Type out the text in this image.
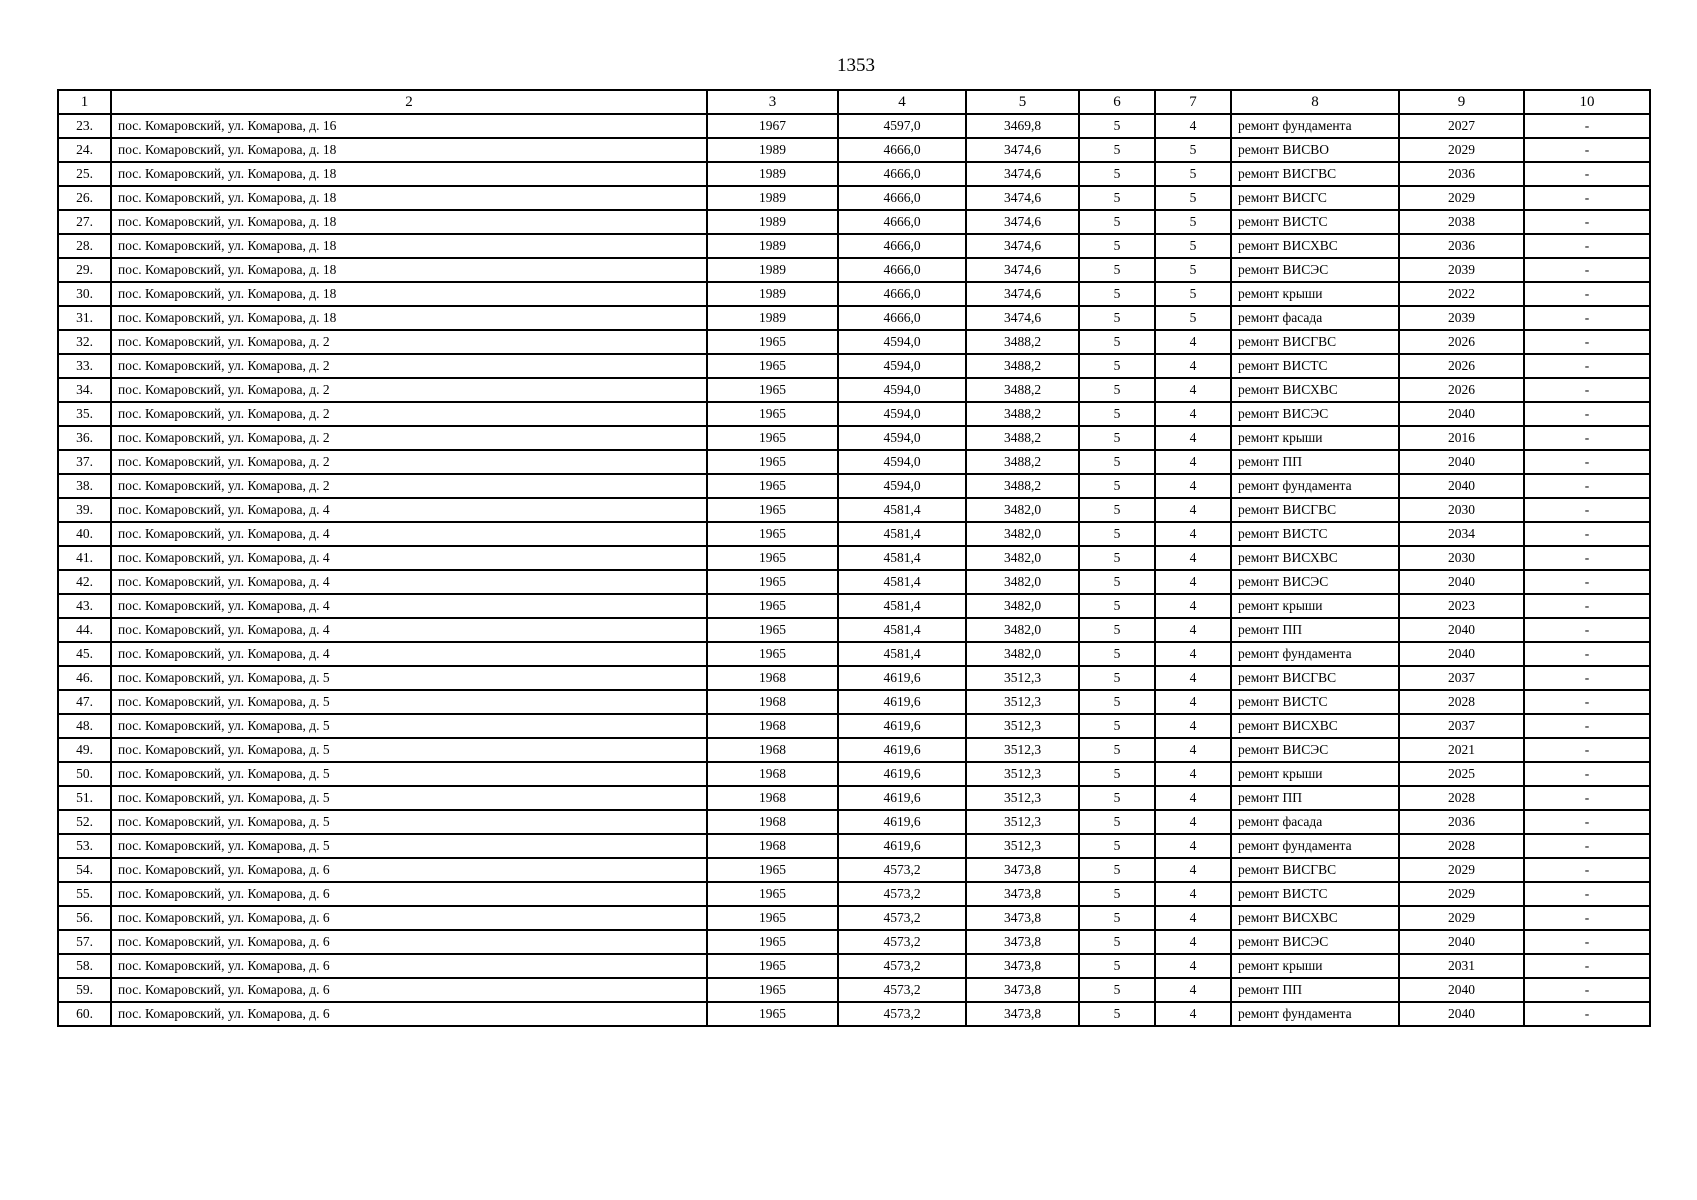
1353
1	2	3	4	5	6	7	8	9	10
23.	пос. Комаровский, ул. Комарова, д. 16	1967	4597,0	3469,8	5	4	ремонт фундамента	2027	-
24.	пос. Комаровский, ул. Комарова, д. 18	1989	4666,0	3474,6	5	5	ремонт ВИСВО	2029	-
25.	пос. Комаровский, ул. Комарова, д. 18	1989	4666,0	3474,6	5	5	ремонт ВИСГВС	2036	-
26.	пос. Комаровский, ул. Комарова, д. 18	1989	4666,0	3474,6	5	5	ремонт ВИСГС	2029	-
27.	пос. Комаровский, ул. Комарова, д. 18	1989	4666,0	3474,6	5	5	ремонт ВИСТС	2038	-
28.	пос. Комаровский, ул. Комарова, д. 18	1989	4666,0	3474,6	5	5	ремонт ВИСХВС	2036	-
29.	пос. Комаровский, ул. Комарова, д. 18	1989	4666,0	3474,6	5	5	ремонт ВИСЭС	2039	-
30.	пос. Комаровский, ул. Комарова, д. 18	1989	4666,0	3474,6	5	5	ремонт крыши	2022	-
31.	пос. Комаровский, ул. Комарова, д. 18	1989	4666,0	3474,6	5	5	ремонт фасада	2039	-
32.	пос. Комаровский, ул. Комарова, д. 2	1965	4594,0	3488,2	5	4	ремонт ВИСГВС	2026	-
33.	пос. Комаровский, ул. Комарова, д. 2	1965	4594,0	3488,2	5	4	ремонт ВИСТС	2026	-
34.	пос. Комаровский, ул. Комарова, д. 2	1965	4594,0	3488,2	5	4	ремонт ВИСХВС	2026	-
35.	пос. Комаровский, ул. Комарова, д. 2	1965	4594,0	3488,2	5	4	ремонт ВИСЭС	2040	-
36.	пос. Комаровский, ул. Комарова, д. 2	1965	4594,0	3488,2	5	4	ремонт крыши	2016	-
37.	пос. Комаровский, ул. Комарова, д. 2	1965	4594,0	3488,2	5	4	ремонт ПП	2040	-
38.	пос. Комаровский, ул. Комарова, д. 2	1965	4594,0	3488,2	5	4	ремонт фундамента	2040	-
39.	пос. Комаровский, ул. Комарова, д. 4	1965	4581,4	3482,0	5	4	ремонт ВИСГВС	2030	-
40.	пос. Комаровский, ул. Комарова, д. 4	1965	4581,4	3482,0	5	4	ремонт ВИСТС	2034	-
41.	пос. Комаровский, ул. Комарова, д. 4	1965	4581,4	3482,0	5	4	ремонт ВИСХВС	2030	-
42.	пос. Комаровский, ул. Комарова, д. 4	1965	4581,4	3482,0	5	4	ремонт ВИСЭС	2040	-
43.	пос. Комаровский, ул. Комарова, д. 4	1965	4581,4	3482,0	5	4	ремонт крыши	2023	-
44.	пос. Комаровский, ул. Комарова, д. 4	1965	4581,4	3482,0	5	4	ремонт ПП	2040	-
45.	пос. Комаровский, ул. Комарова, д. 4	1965	4581,4	3482,0	5	4	ремонт фундамента	2040	-
46.	пос. Комаровский, ул. Комарова, д. 5	1968	4619,6	3512,3	5	4	ремонт ВИСГВС	2037	-
47.	пос. Комаровский, ул. Комарова, д. 5	1968	4619,6	3512,3	5	4	ремонт ВИСТС	2028	-
48.	пос. Комаровский, ул. Комарова, д. 5	1968	4619,6	3512,3	5	4	ремонт ВИСХВС	2037	-
49.	пос. Комаровский, ул. Комарова, д. 5	1968	4619,6	3512,3	5	4	ремонт ВИСЭС	2021	-
50.	пос. Комаровский, ул. Комарова, д. 5	1968	4619,6	3512,3	5	4	ремонт крыши	2025	-
51.	пос. Комаровский, ул. Комарова, д. 5	1968	4619,6	3512,3	5	4	ремонт ПП	2028	-
52.	пос. Комаровский, ул. Комарова, д. 5	1968	4619,6	3512,3	5	4	ремонт фасада	2036	-
53.	пос. Комаровский, ул. Комарова, д. 5	1968	4619,6	3512,3	5	4	ремонт фундамента	2028	-
54.	пос. Комаровский, ул. Комарова, д. 6	1965	4573,2	3473,8	5	4	ремонт ВИСГВС	2029	-
55.	пос. Комаровский, ул. Комарова, д. 6	1965	4573,2	3473,8	5	4	ремонт ВИСТС	2029	-
56.	пос. Комаровский, ул. Комарова, д. 6	1965	4573,2	3473,8	5	4	ремонт ВИСХВС	2029	-
57.	пос. Комаровский, ул. Комарова, д. 6	1965	4573,2	3473,8	5	4	ремонт ВИСЭС	2040	-
58.	пос. Комаровский, ул. Комарова, д. 6	1965	4573,2	3473,8	5	4	ремонт крыши	2031	-
59.	пос. Комаровский, ул. Комарова, д. 6	1965	4573,2	3473,8	5	4	ремонт ПП	2040	-
60.	пос. Комаровский, ул. Комарова, д. 6	1965	4573,2	3473,8	5	4	ремонт фундамента	2040	-
